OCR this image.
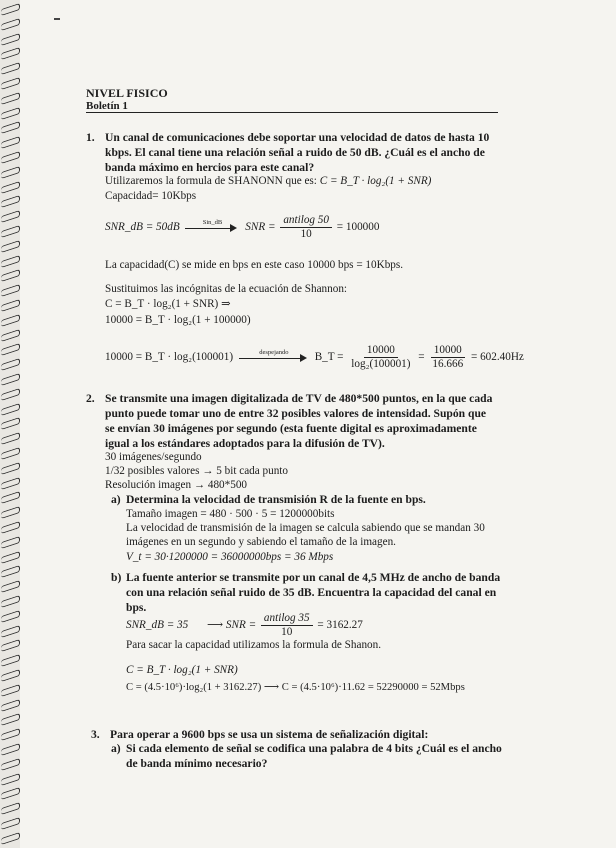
NIVEL FISICO
Boletín 1
1. Un canal de comunicaciones debe soportar una velocidad de datos de hasta 10
kbps. El canal tiene una relación señal a ruido de 50 dB. ¿Cuál es el ancho de
banda máximo en hercios para este canal?
Utilizaremos la formula de SHANONN que es: C = B_T · log₂(1 + SNR)
Capacidad= 10Kbps
SNR_dB = 50dB	Sin_dB	SNR = $\frac{\text{antilog 50}}{10} = 100000$
La capacidad(C) se mide en bps en este caso 10000 bps = 10Kbps.
Sustituimos las incógnitas de la ecuación de Shannon:
C = B_T · log₂(1 + SNR) ⇒
10000 = B_T · log₂(1 + 100000)
10000 = B_T · log₂(100001)	despejando	B_T = $\frac{10000}{\text{log₂(100001)}} = \frac{10000}{16.666} = 602.40Hz$
2. Se transmite una imagen digitalizada de TV de 480*500 puntos, en la que cada
punto puede tomar uno de entre 32 posibles valores de intensidad. Supón que
se envían 30 imágenes por segundo (esta fuente digital es aproximadamente
igual a los estándares adoptados para la difusión de TV).
30 imágenes/segundo
1/32 posibles valores → 5 bit cada punto
Resolución imagen → 480*500
a) Determina la velocidad de transmisión R de la fuente en bps.
Tamaño imagen = 480 · 500 · 5 = 1200000bits
La velocidad de transmisión de la imagen se calcula sabiendo que se mandan 30
imágenes en un segundo y sabiendo el tamaño de la imagen.
V_t = 30·1200000 = 36000000bps = 36 Mbps
b) La fuente anterior se transmite por un canal de 4,5 MHz de ancho de banda
con una relación señal ruido de 35 dB. Encuentra la capacidad del canal en
bps.
SNR_dB = 35 ⟶ SNR = $\frac{\text{antilog 35}}{10} = 3162.27$
Para sacar la capacidad utilizamos la formula de Shanon.
C = B_T · log₂(1 + SNR)
C = (4.5·10⁶)·log₂(1 + 3162.27) ⟶ C = (4.5·10⁶)·11.62 = 52290000 = 52Mbps
3. Para operar a 9600 bps se usa un sistema de señalización digital:
a) Si cada elemento de señal se codifica una palabra de 4 bits ¿Cuál es el ancho
de banda mínimo necesario?
